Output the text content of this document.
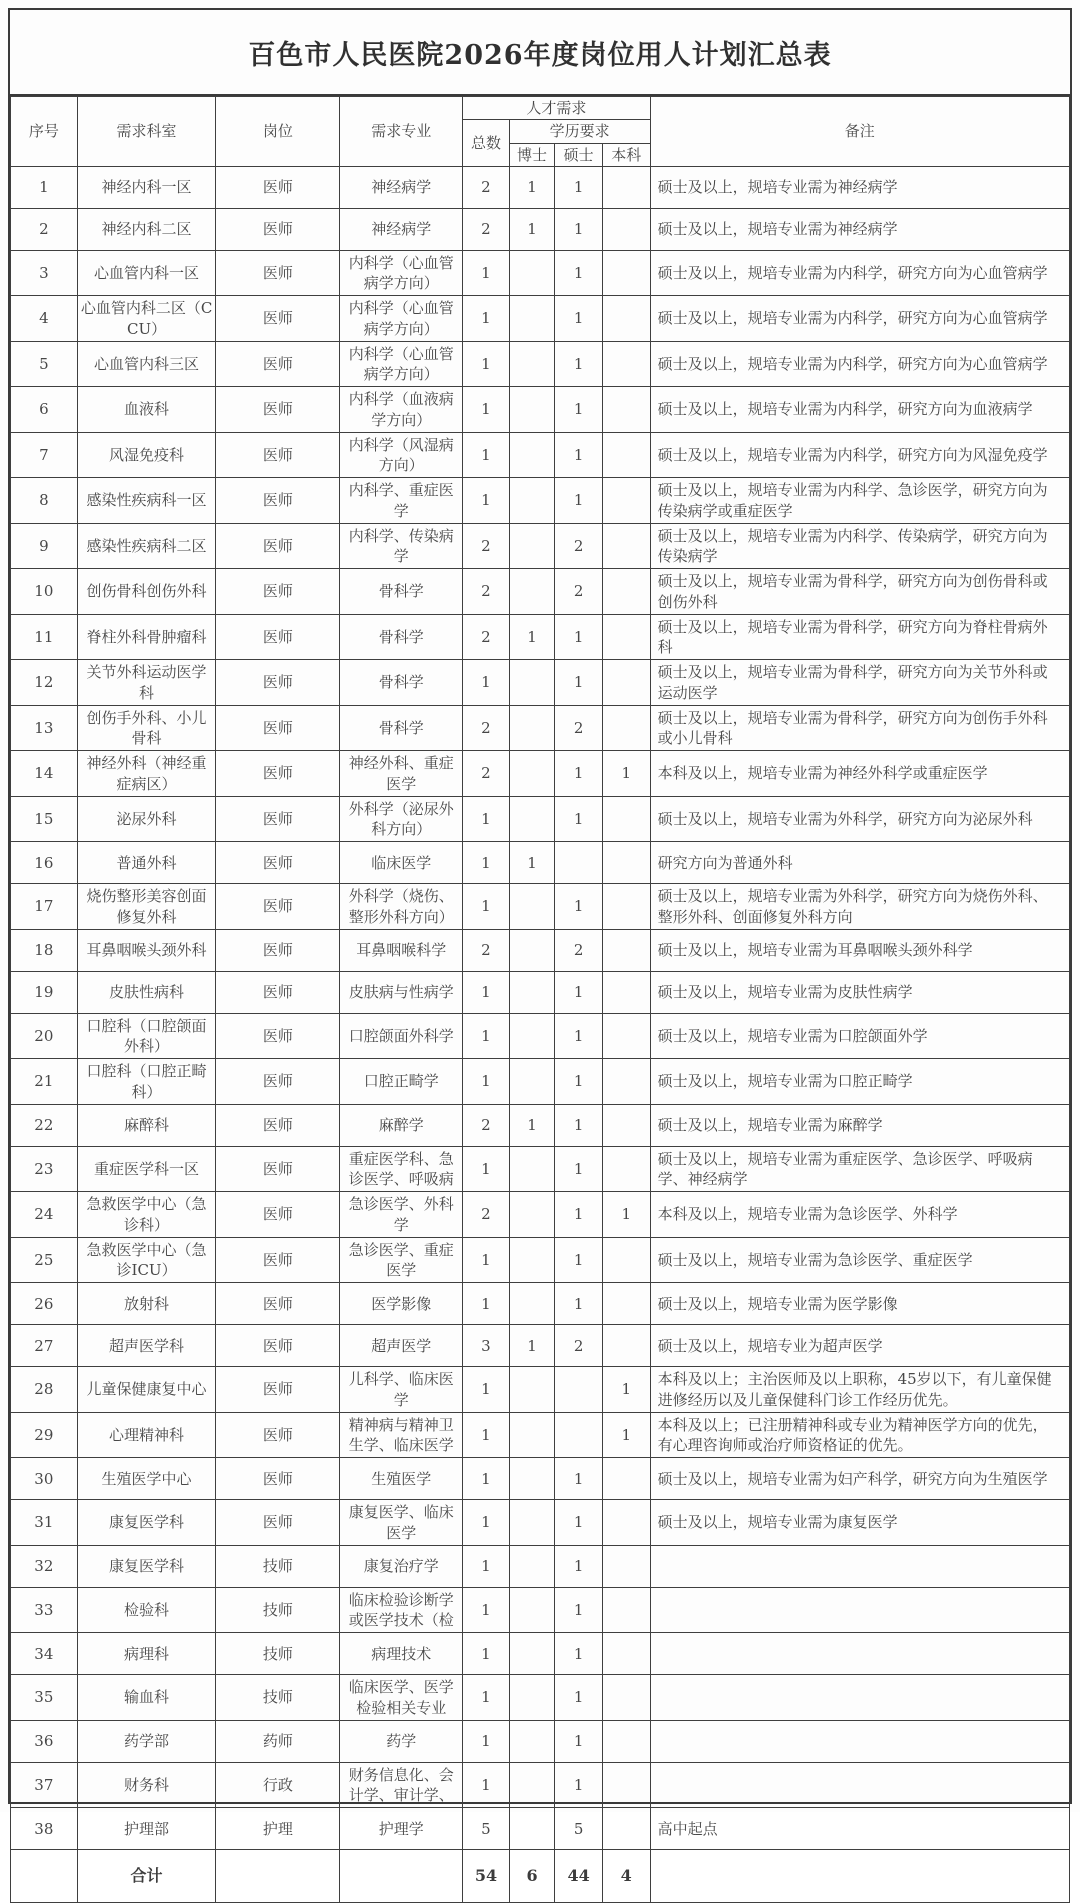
百色市人民医院2026年度岗位用人计划汇总表
序号	需求科室	岗位	需求专业	人才需求				备注
				总数	学历要求			
					博士	硕士	本科	
1	神经内科一区	医师	神经病学	2	1	1		硕士及以上，规培专业需为神经病学
2	神经内科二区	医师	神经病学	2	1	1		硕士及以上，规培专业需为神经病学
3	心血管内科一区	医师	内科学（心血管病学方向）	1		1		硕士及以上，规培专业需为内科学，研究方向为心血管病学
4	心血管内科二区（CCU）	医师	内科学（心血管病学方向）	1		1		硕士及以上，规培专业需为内科学，研究方向为心血管病学
5	心血管内科三区	医师	内科学（心血管病学方向）	1		1		硕士及以上，规培专业需为内科学，研究方向为心血管病学
6	血液科	医师	内科学（血液病学方向）	1		1		硕士及以上，规培专业需为内科学，研究方向为血液病学
7	风湿免疫科	医师	内科学（风湿病方向）	1		1		硕士及以上，规培专业需为内科学，研究方向为风湿免疫学
8	感染性疾病科一区	医师	内科学、重症医学	1		1		硕士及以上，规培专业需为内科学、急诊医学，研究方向为传染病学或重症医学
9	感染性疾病科二区	医师	内科学、传染病学	2		2		硕士及以上，规培专业需为内科学、传染病学，研究方向为传染病学
10	创伤骨科创伤外科	医师	骨科学	2		2		硕士及以上，规培专业需为骨科学，研究方向为创伤骨科或创伤外科
11	脊柱外科骨肿瘤科	医师	骨科学	2	1	1		硕士及以上，规培专业需为骨科学，研究方向为脊柱骨病外科
12	关节外科运动医学科	医师	骨科学	1		1		硕士及以上，规培专业需为骨科学，研究方向为关节外科或运动医学
13	创伤手外科、小儿骨科	医师	骨科学	2		2		硕士及以上，规培专业需为骨科学，研究方向为创伤手外科或小儿骨科
14	神经外科（神经重症病区）	医师	神经外科、重症医学	2		1	1	本科及以上，规培专业需为神经外科学或重症医学
15	泌尿外科	医师	外科学（泌尿外科方向）	1		1		硕士及以上，规培专业需为外科学，研究方向为泌尿外科
16	普通外科	医师	临床医学	1	1			研究方向为普通外科
17	烧伤整形美容创面修复外科	医师	外科学（烧伤、整形外科方向）	1		1		硕士及以上，规培专业需为外科学，研究方向为烧伤外科、整形外科、创面修复外科方向
18	耳鼻咽喉头颈外科	医师	耳鼻咽喉科学	2		2		硕士及以上，规培专业需为耳鼻咽喉头颈外科学
19	皮肤性病科	医师	皮肤病与性病学	1		1		硕士及以上，规培专业需为皮肤性病学
20	口腔科（口腔颌面外科）	医师	口腔颌面外科学	1		1		硕士及以上，规培专业需为口腔颌面外学
21	口腔科（口腔正畸科）	医师	口腔正畸学	1		1		硕士及以上，规培专业需为口腔正畸学
22	麻醉科	医师	麻醉学	2	1	1		硕士及以上，规培专业需为麻醉学
23	重症医学科一区	医师	重症医学科、急诊医学、呼吸病	1		1		硕士及以上，规培专业需为重症医学、急诊医学、呼吸病学、神经病学
24	急救医学中心（急诊科）	医师	急诊医学、外科学	2		1	1	本科及以上，规培专业需为急诊医学、外科学
25	急救医学中心（急诊ICU）	医师	急诊医学、重症医学	1		1		硕士及以上，规培专业需为急诊医学、重症医学
26	放射科	医师	医学影像	1		1		硕士及以上，规培专业需为医学影像
27	超声医学科	医师	超声医学	3	1	2		硕士及以上，规培专业为超声医学
28	儿童保健康复中心	医师	儿科学、临床医学	1			1	本科及以上；主治医师及以上职称，45岁以下，有儿童保健进修经历以及儿童保健科门诊工作经历优先。
29	心理精神科	医师	精神病与精神卫生学、临床医学	1			1	本科及以上；已注册精神科或专业为精神医学方向的优先，有心理咨询师或治疗师资格证的优先。
30	生殖医学中心	医师	生殖医学	1		1		硕士及以上，规培专业需为妇产科学，研究方向为生殖医学
31	康复医学科	医师	康复医学、临床医学	1		1		硕士及以上，规培专业需为康复医学
32	康复医学科	技师	康复治疗学	1		1		
33	检验科	技师	临床检验诊断学或医学技术（检	1		1		
34	病理科	技师	病理技术	1		1		
35	输血科	技师	临床医学、医学检验相关专业	1		1		
36	药学部	药师	药学	1		1		
37	财务科	行政	财务信息化、会计学、审计学、	1		1		
38	护理部	护理	护理学	5		5		高中起点
	合计			54	6	44	4	
